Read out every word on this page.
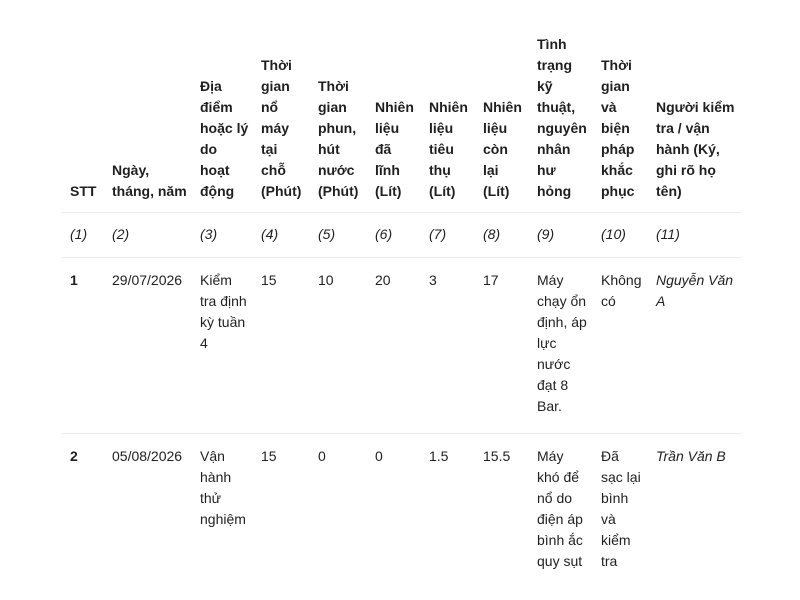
STT	Ngày, tháng, năm	Địa điểm hoặc lý do hoạt động	Thời gian nổ máy tại chỗ (Phút)	Thời gian phun, hút nước (Phút)	Nhiên liệu đã lĩnh (Lít)	Nhiên liệu tiêu thụ (Lít)	Nhiên liệu còn lại (Lít)	Tình trạng kỹ thuật, nguyên nhân hư hỏng	Thời gian và biện pháp khắc phục	Người kiểm tra / vận hành (Ký, ghi rõ họ tên)
(1)	(2)	(3)	(4)	(5)	(6)	(7)	(8)	(9)	(10)	(11)
1	29/07/2026	Kiểm tra định kỳ tuần 4	15	10	20	3	17	Máy chạy ổn định, áp lực nước đạt 8 Bar.	Không có	Nguyễn Văn A
2	05/08/2026	Vận hành thử nghiệm	15	0	0	1.5	15.5	Máy khó để nổ do điện áp bình ắc quy sụt	Đã sạc lại bình và kiểm tra	Trần Văn B
